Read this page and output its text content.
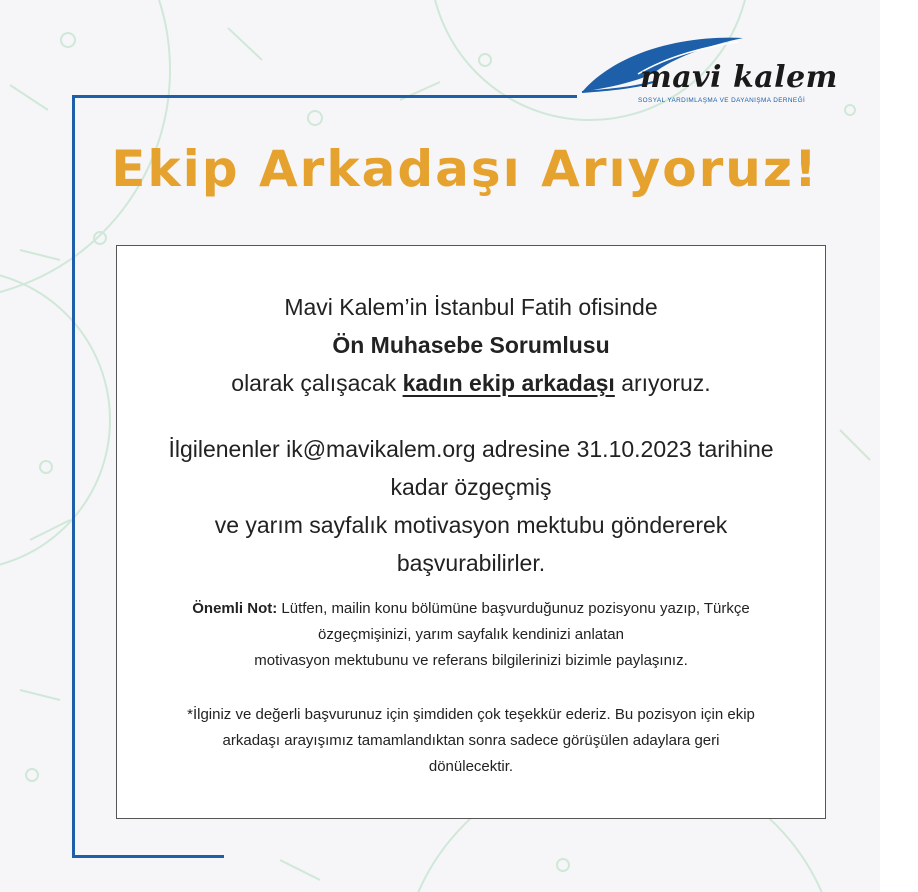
mavi kalem
SOSYAL YARDIMLAŞMA VE DAYANIŞMA DERNEĞİ
Ekip Arkadaşı Arıyoruz!
Mavi Kalem’in İstanbul Fatih ofisinde
Ön Muhasebe Sorumlusu
olarak çalışacak kadın ekip arkadaşı arıyoruz.
İlgilenenler ik@mavikalem.org adresine 31.10.2023 tarihine
kadar özgeçmiş
ve yarım sayfalık motivasyon mektubu göndererek
başvurabilirler.
Önemli Not: Lütfen, mailin konu bölümüne başvurduğunuz pozisyonu yazıp, Türkçe
özgeçmişinizi, yarım sayfalık kendinizi anlatan
motivasyon mektubunu ve referans bilgilerinizi bizimle paylaşınız.
*İlginiz ve değerli başvurunuz için şimdiden çok teşekkür ederiz. Bu pozisyon için ekip
arkadaşı arayışımız tamamlandıktan sonra sadece görüşülen adaylara geri
dönülecektir.
